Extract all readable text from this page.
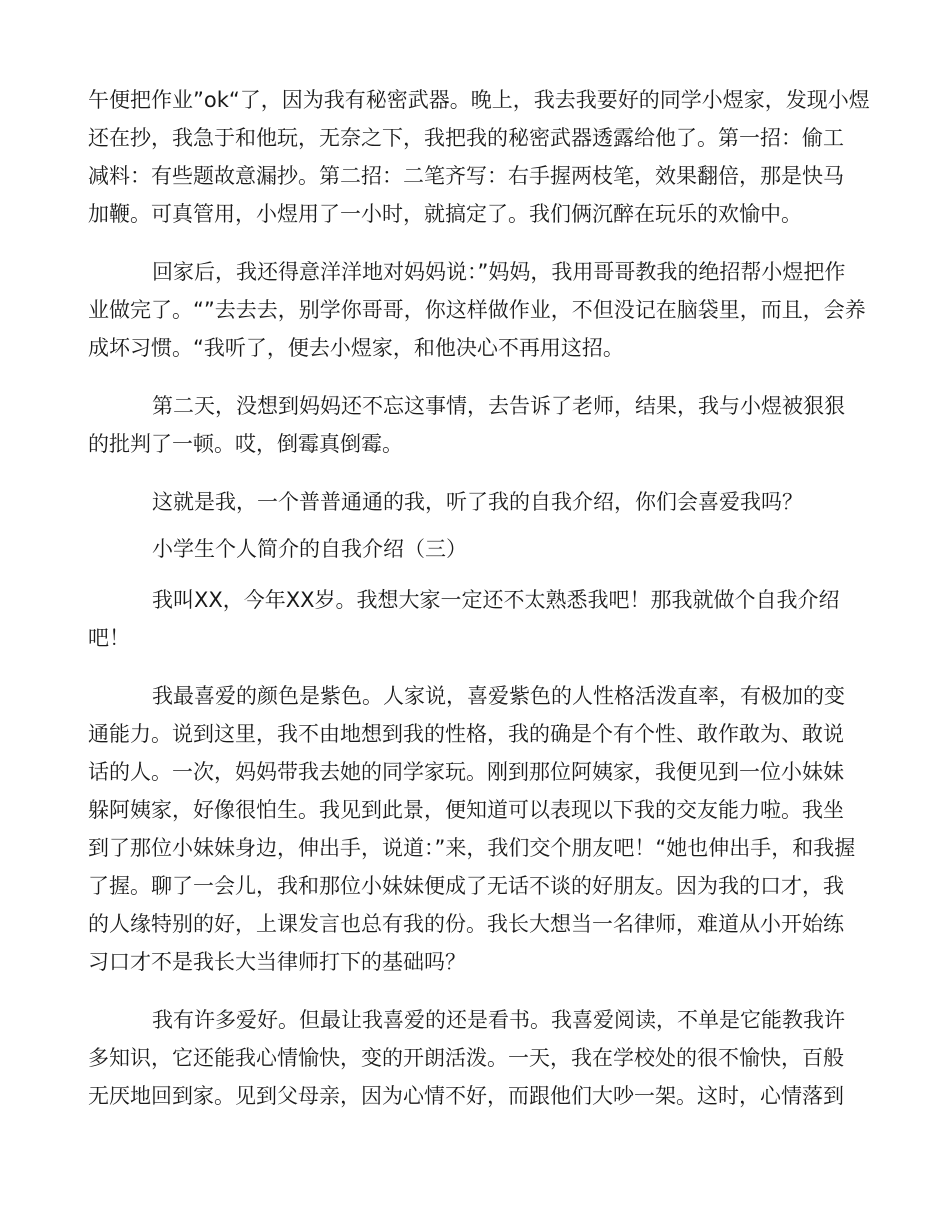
午便把作业”ok“了，因为我有秘密武器。晚上，我去我要好的同学小煜家，发现小煜
还在抄，我急于和他玩，无奈之下，我把我的秘密武器透露给他了。第一招：偷工
减料：有些题故意漏抄。第二招：二笔齐写：右手握两枝笔，效果翻倍，那是快马
加鞭。可真管用，小煜用了一小时，就搞定了。我们俩沉醉在玩乐的欢愉中。
回家后，我还得意洋洋地对妈妈说：”妈妈，我用哥哥教我的绝招帮小煜把作
业做完了。“”去去去，别学你哥哥，你这样做作业，不但没记在脑袋里，而且，会养
成坏习惯。“我听了，便去小煜家，和他决心不再用这招。
第二天，没想到妈妈还不忘这事情，去告诉了老师，结果，我与小煜被狠狠
的批判了一顿。哎，倒霉真倒霉。
这就是我，一个普普通通的我，听了我的自我介绍，你们会喜爱我吗？
小学生个人简介的自我介绍（三）
我叫XX，今年XX岁。我想大家一定还不太熟悉我吧！那我就做个自我介绍
吧！
我最喜爱的颜色是紫色。人家说，喜爱紫色的人性格活泼直率，有极加的变
通能力。说到这里，我不由地想到我的性格，我的确是个有个性、敢作敢为、敢说
话的人。一次，妈妈带我去她的同学家玩。刚到那位阿姨家，我便见到一位小妹妹
躲阿姨家，好像很怕生。我见到此景，便知道可以表现以下我的交友能力啦。我坐
到了那位小妹妹身边，伸出手，说道：”来，我们交个朋友吧！“她也伸出手，和我握
了握。聊了一会儿，我和那位小妹妹便成了无话不谈的好朋友。因为我的口才，我
的人缘特别的好，上课发言也总有我的份。我长大想当一名律师，难道从小开始练
习口才不是我长大当律师打下的基础吗？
我有许多爱好。但最让我喜爱的还是看书。我喜爱阅读，不单是它能教我许
多知识，它还能我心情愉快，变的开朗活泼。一天，我在学校处的很不愉快，百般
无厌地回到家。见到父母亲，因为心情不好，而跟他们大吵一架。这时，心情落到
